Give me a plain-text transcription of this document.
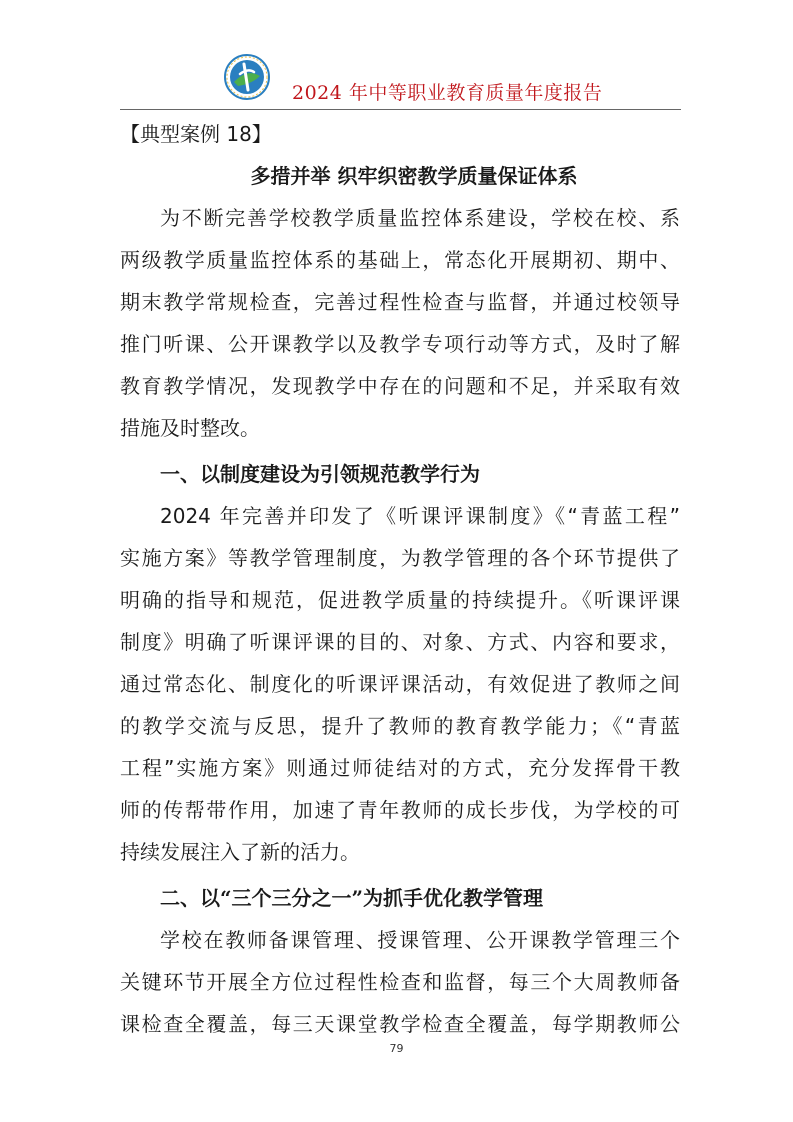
2024 年中等职业教育质量年度报告
【典型案例 18】
多措并举 织牢织密教学质量保证体系
为不断完善学校教学质量监控体系建设，学校在校、系
两级教学质量监控体系的基础上，常态化开展期初、期中、
期末教学常规检查，完善过程性检查与监督，并通过校领导
推门听课、公开课教学以及教学专项行动等方式，及时了解
教育教学情况，发现教学中存在的问题和不足，并采取有效
措施及时整改。
一、以制度建设为引领规范教学行为
2024 年完善并印发了《听课评课制度》《“青蓝工程”
实施方案》等教学管理制度，为教学管理的各个环节提供了
明确的指导和规范，促进教学质量的持续提升。《听课评课
制度》明确了听课评课的目的、对象、方式、内容和要求，
通过常态化、制度化的听课评课活动，有效促进了教师之间
的教学交流与反思，提升了教师的教育教学能力；《“青蓝
工程”实施方案》则通过师徒结对的方式，充分发挥骨干教
师的传帮带作用，加速了青年教师的成长步伐，为学校的可
持续发展注入了新的活力。
二、以“三个三分之一”为抓手优化教学管理
学校在教师备课管理、授课管理、公开课教学管理三个
关键环节开展全方位过程性检查和监督，每三个大周教师备
课检查全覆盖，每三天课堂教学检查全覆盖，每学期教师公
79
